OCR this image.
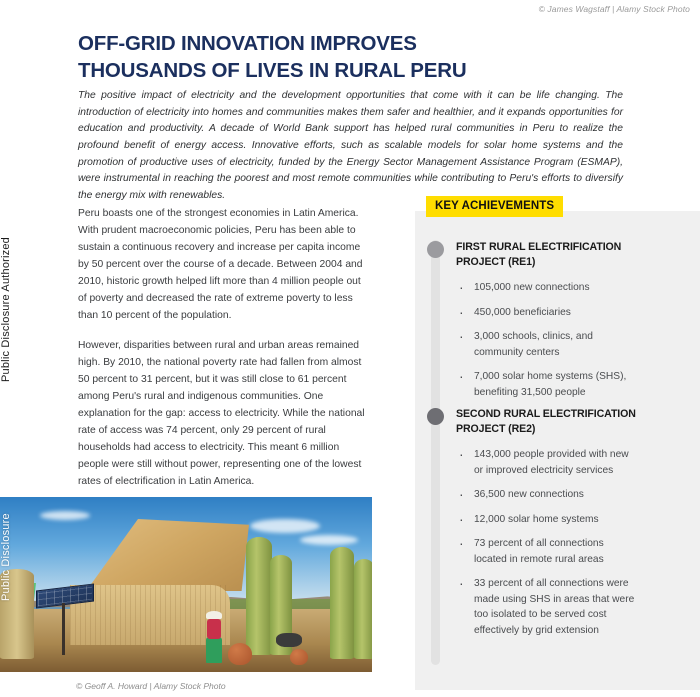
© James Wagstaff | Alamy Stock Photo
Public Disclosure Authorized
OFF-GRID INNOVATION IMPROVES THOUSANDS OF LIVES IN RURAL PERU
The positive impact of electricity and the development opportunities that come with it can be life changing. The introduction of electricity into homes and communities makes them safer and healthier, and it expands opportunities for education and productivity. A decade of World Bank support has helped rural communities in Peru to realize the profound benefit of energy access. Innovative efforts, such as scalable models for solar home systems and the promotion of productive uses of electricity, funded by the Energy Sector Management Assistance Program (ESMAP), were instrumental in reaching the poorest and most remote communities while contributing to Peru's efforts to diversify the energy mix with renewables.

Peru boasts one of the strongest economies in Latin America. With prudent macroeconomic policies, Peru has been able to sustain a continuous recovery and increase per capita income by 50 percent over the course of a decade. Between 2004 and 2010, historic growth helped lift more than 4 million people out of poverty and decreased the rate of extreme poverty to less than 10 percent of the population.

However, disparities between rural and urban areas remained high. By 2010, the national poverty rate had fallen from almost 50 percent to 31 percent, but it was still close to 61 percent among Peru's rural and indigenous communities. One explanation for the gap: access to electricity. While the national rate of access was 74 percent, only 29 percent of rural households had access to electricity. This meant 6 million people were still without power, representing one of the lowest rates of electrification in Latin America.

Public Disclosure
© Geoff A. Howard | Alamy Stock Photo
KEY ACHIEVEMENTS
FIRST RURAL ELECTRIFICATION PROJECT (RE1)
· 105,000 new connections
· 450,000 beneficiaries
· 3,000 schools, clinics, and community centers
· 7,000 solar home systems (SHS), benefiting 31,500 people
SECOND RURAL ELECTRIFICATION PROJECT (RE2)
· 143,000 people provided with new or improved electricity services
· 36,500 new connections
· 12,000 solar home systems
· 73 percent of all connections located in remote rural areas
· 33 percent of all connections were made using SHS in areas that were too isolated to be served cost effectively by grid extension
